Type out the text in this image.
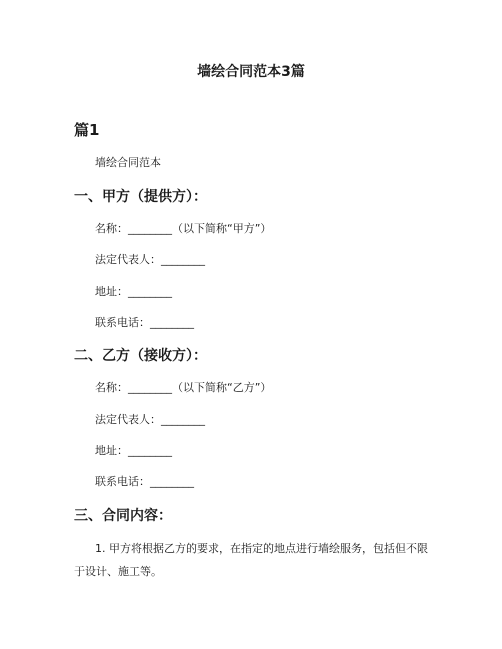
墙绘合同范本3篇
篇1
墙绘合同范本
一、甲方（提供方）：
名称：________（以下简称“甲方”）
法定代表人：________
地址：________
联系电话：________
二、乙方（接收方）：
名称：________（以下简称“乙方”）
法定代表人：________
地址：________
联系电话：________
三、合同内容：
1. 甲方将根据乙方的要求，在指定的地点进行墙绘服务，包括但不限于设计、施工等。
